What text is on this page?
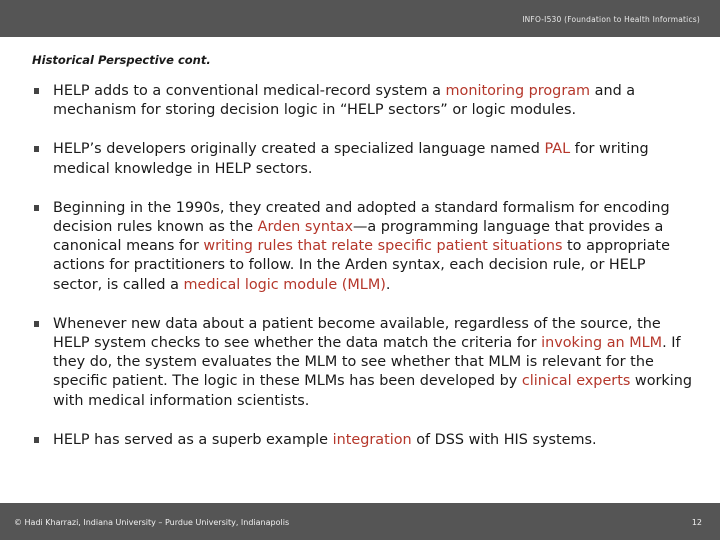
INFO-I530 (Foundation to Health Informatics)
Historical Perspective cont.
HELP adds to a conventional medical-record system a monitoring program and a mechanism for storing decision logic in “HELP sectors” or logic modules.
HELP’s developers originally created a specialized language named PAL for writing medical knowledge in HELP sectors.
Beginning in the 1990s, they created and adopted a standard formalism for encoding decision rules known as the Arden syntax—a programming language that provides a canonical means for writing rules that relate specific patient situations to appropriate actions for practitioners to follow. In the Arden syntax, each decision rule, or HELP sector, is called a medical logic module (MLM).
Whenever new data about a patient become available, regardless of the source, the HELP system checks to see whether the data match the criteria for invoking an MLM. If they do, the system evaluates the MLM to see whether that MLM is relevant for the specific patient. The logic in these MLMs has been developed by clinical experts working with medical information scientists.
HELP has served as a superb example integration of DSS with HIS systems.
© Hadi Kharrazi, Indiana University – Purdue University, Indianapolis	12
